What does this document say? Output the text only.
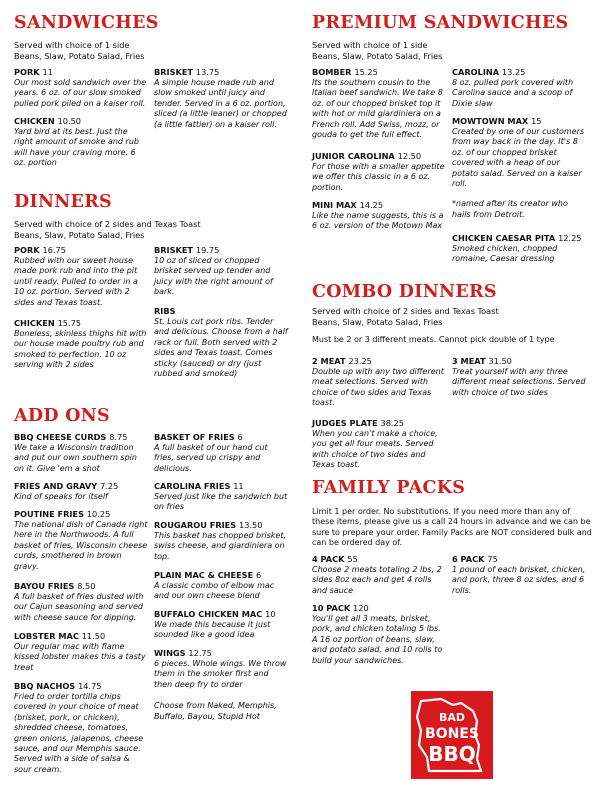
SANDWICHES
Served with choice of 1 side
Beans, Slaw, Potato Salad, Fries
PORK 11
Our most sold sandwich over the years. 6 oz. of our slow smoked pulled pork piled on a kaiser roll.
CHICKEN 10.50
Yard bird at its best. Just the right amount of smoke and rub will have your craving more. 6 oz. portion
BRISKET 13.75
A simple house made rub and slow smoked until juicy and tender. Served in a 6 oz. portion, sliced (a little leaner) or chopped (a little fattier) on a kaiser roll.
DINNERS
Served with choice of 2 sides and Texas Toast
Beans, Slaw, Potato Salad, Fries
PORK 16.75
Rubbed with our sweet house made pork rub and into the pit until ready. Pulled to order in a 10 oz. portion. Served with 2 sides and Texas toast.
CHICKEN 15.75
Boneless, skinless thighs hit with our house made poultry rub and smoked to perfection. 10 oz serving with 2 sides
BRISKET 19.75
10 oz of sliced or chopped brisket served up tender and juicy with the right amount of bark.
RIBS
St. Louis cut pork ribs. Tender and delicious. Choose from a half rack or full. Both served with 2 sides and Texas toast. Comes sticky (sauced) or dry (just rubbed and smoked)
ADD ONS
BBQ CHEESE CURDS 8.75
We take a Wisconsin tradition and put our own southern spin on it. Give 'em a shot
FRIES AND GRAVY 7.25
Kind of speaks for itself
POUTINE FRIES 10.25
The national dish of Canada right here in the Northwoods. A full basket of fries, Wisconsin cheese curds, smothered in brown gravy.
BAYOU FRIES 8.50
A full basket of fries dusted with our Cajun seasoning and served with cheese sauce for dipping.
LOBSTER MAC 11.50
Our regular mac with flame kissed lobster makes this a tasty treat
BBQ NACHOS 14.75
Fried to order tortilla chips covered in your choice of meat (brisket, pork, or chicken), shredded cheese, tomatoes, green onions, jalapenos, cheese sauce, and our Memphis sauce. Served with a side of salsa & sour cream.
BASKET OF FRIES 6
A full basket of our hand cut fries, served up crispy and delicious.
CAROLINA FRIES 11
Served just like the sandwich but on fries
ROUGAROU FRIES 13.50
This basket has chopped brisket, swiss cheese, and giardiniera on top.
PLAIN MAC & CHEESE 6
A classic combo of elbow mac and our own cheese blend
BUFFALO CHICKEN MAC 10
We made this because it just sounded like a good idea
WINGS 12.75
6 pieces. Whole wings. We throw them in the smoker first and then deep fry to order
Choose from Naked, Memphis, Buffalo, Bayou, Stupid Hot
PREMIUM SANDWICHES
Served with choice of 1 side
Beans, Slaw, Potato Salad, Fries
BOMBER 15.25
Its the southern cousin to the Italian beef sandwich. We take 8 oz. of our chopped brisket top it with hot or mild giardiniera on a French roll. Add Swiss, mozz, or gouda to get the full effect.
JUNIOR CAROLINA 12.50
For those with a smaller appetite we offer this classic in a 6 oz. portion.
MINI MAX 14.25
Like the name suggests, this is a 6 oz. version of the Motown Max
CAROLINA 13.25
8 oz. pulled pork covered with Carolina sauce and a scoop of Dixie slaw
MOWTOWN MAX 15
Created by one of our customers from way back in the day. It's 8 oz. of our chopped brisket covered with a heap of our potato salad. Served on a kaiser roll.
*named after its creator who hails from Detroit.
CHICKEN CAESAR PITA 12.25
Smoked chicken, chopped romaine, Caesar dressing
COMBO DINNERS
Served with choice of 2 sides and Texas Toast
Beans, Slaw, Potato Salad, Fries
Must be 2 or 3 different meats. Cannot pick double of 1 type
2 MEAT 23.25
Double up with any two different meat selections. Served with choice of two sides and Texas toast.
JUDGES PLATE 38.25
When you can't make a choice, you get all four meats. Served with choice of two sides and Texas toast.
3 MEAT 31.50
Treat yourself with any three different meat selections. Served with choice of two sides
FAMILY PACKS
Limit 1 per order. No substitutions. If you need more than any of these items, please give us a call 24 hours in advance and we can be sure to prepare your order. Family Packs are NOT considered bulk and can be ordered day of.
4 PACK 55
Choose 2 meats totaling 2 lbs, 2 sides 8oz each and get 4 rolls and sauce
10 PACK 120
You'll get all 3 meats, brisket, pork, and chicken totaling 5 lbs. A 16 oz portion of beans, slaw, and potato salad, and 10 rolls to build your sandwiches.
6 PACK 75
1 pound of each brisket, chicken, and pork, three 8 oz sides, and 6 rolls.
BAD
BONES
BBQ
